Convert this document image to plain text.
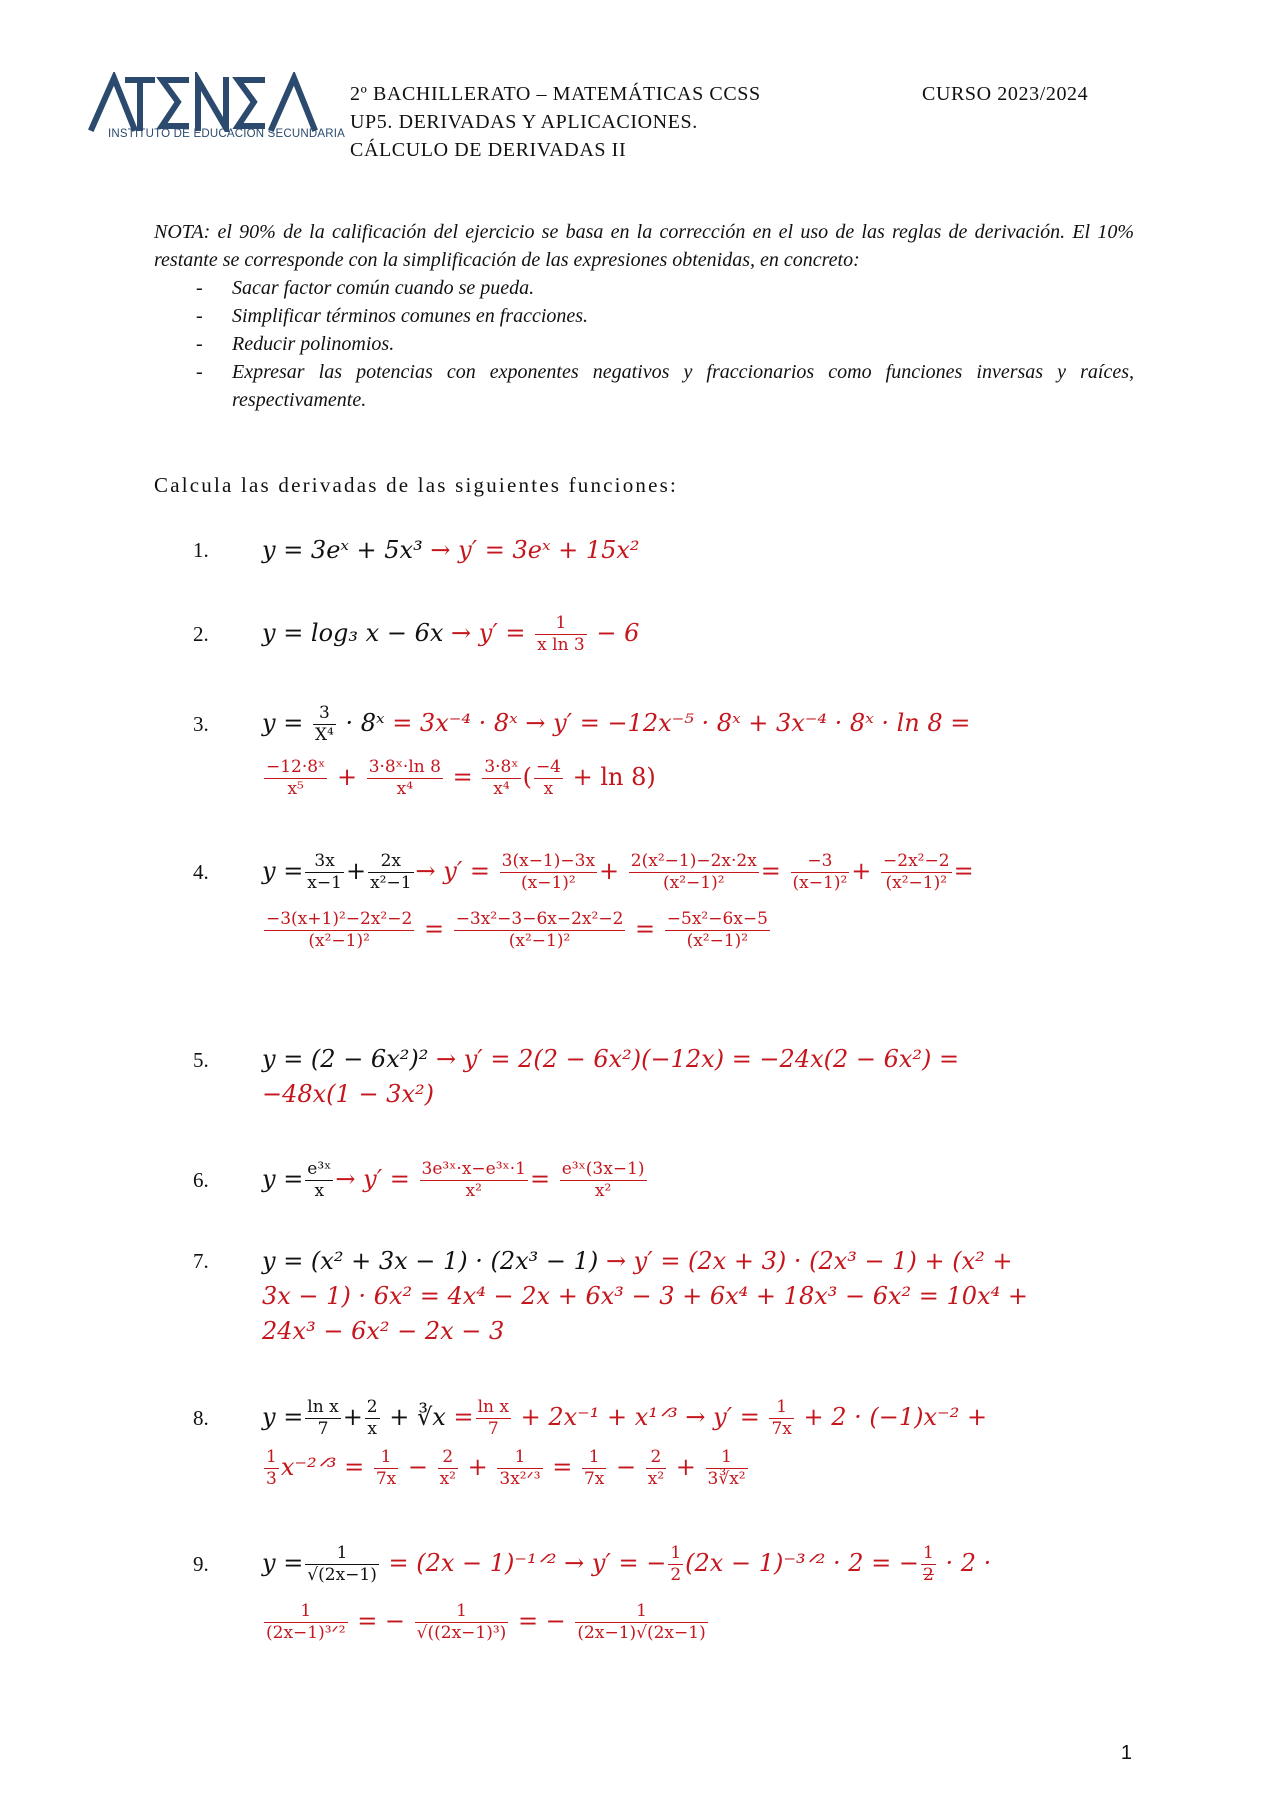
ΛΤΞΝΞΛ
INSTITUTO DE EDUCACIÓN SECUNDARIA
2º BACHILLERATO – MATEMÁTICAS CCSS	CURSO 2023/2024
UP5. DERIVADAS Y APLICACIONES.
CÁLCULO DE DERIVADAS II

NOTA: el 90% de la calificación del ejercicio se basa en la corrección en el uso de las reglas de derivación. El 10% restante se corresponde con la simplificación de las expresiones obtenidas, en concreto:

- Sacar factor común cuando se pueda.
- Simplificar términos comunes en fracciones.
- Reducir polinomios.
- Expresar las potencias con exponentes negativos y fraccionarios como funciones inversas y raíces, respectivamente.
Calcula las derivadas de las siguientes funciones:
1. y = 3eˣ + 5x³ → y′ = 3eˣ + 15x²
2. y = log₃ $x - 6x \to y' = \frac{1}{\text{x ln 3}} - 6$
3. $y = \frac{3}{\text{X⁴}}$ · 8ˣ = 3x⁻⁴ · 8ˣ → y′ = −12x⁻⁵ · 8ˣ + 3x⁻⁴ · 8ˣ · ln 8 =
$\frac{\text{−12·8ˣ}}{\text{x⁵}} + \frac{\text{3·8ˣ·ln 8}}{\text{x⁴}} = \frac{\text{3·8ˣ}}{\text{x⁴}}$ ( $\frac{-4}{x} + \ln 8$)
4. $y = \frac{3x}{x-1} + \frac{2x}{\text{x²−1}} \to y' = \frac{3(x-1)-3x}{\text{(x−1)²}} + \frac{\text{2(x²−1)−2x·2x}}{\text{(x²−1)²}} = \frac{-3}{\text{(x−1)²}} + \frac{\text{−2x²−2}}{\text{(x²−1)²}}$ =
$\frac{\text{−3(x+1)²−2x²−2}}{\text{(x²−1)²}} = \frac{\text{−3x²−3−6x−2x²−2}}{\text{(x²−1)²}} = \frac{\text{−5x²−6x−5}}{\text{(x²−1)²}}$
5. y = (2 − 6x²)² → y′ = 2(2 − 6x²)(−12x) = −24x(2 − 6x²) =
−48x(1 − 3x²)
6. $y = \frac{\text{e³ˣ}}{x} \to y' = \frac{\text{3e³ˣ·x−e³ˣ·1}}{\text{x²}} = \frac{\text{e³ˣ(3x−1)}}{\text{x²}}$
7. y = (x² + 3x − 1) · (2x³ − 1) → y′ = (2x + 3) · (2x³ − 1) + (x² +
3x − 1) · 6x² = 4x⁴ − 2x + 6x³ − 3 + 6x⁴ + 18x³ − 6x² = 10x⁴ +
24x³ − 6x² − 2x − 3
8. $y = \frac{\text{ln x}}{7} + \frac{2}{x}$ + ∛x = $\frac{\text{ln x}}{7} + 2x^{-1}$ + x¹ᐟ³ → $y' = \frac{1}{7x} + 2 \cdot (-1)x^{-2}$ +
$\frac{1}{3}$ x⁻²ᐟ³ = $\frac{1}{7x} - \frac{2}{\text{x²}} + \frac{1}{\text{3x²ᐟ³}} = \frac{1}{7x} - \frac{2}{\text{x²}} + \frac{1}{\text{3∛x²}}$
9. $y = \frac{1}{√(2x-1)} = (2x$ − 1)⁻¹ᐟ² → y′ = − $\frac{1}{2} (2x$ − 1)⁻³ᐟ² · 2 = − $\frac{1}{2} \cdot 2$ ·
$\frac{1}{\text{(2x−1)³ᐟ²}}$ = − $\frac{1}{\text{√((2x−1)³)}}$ = − $\frac{1}{(2x-1)√(2x-1)}$
1
